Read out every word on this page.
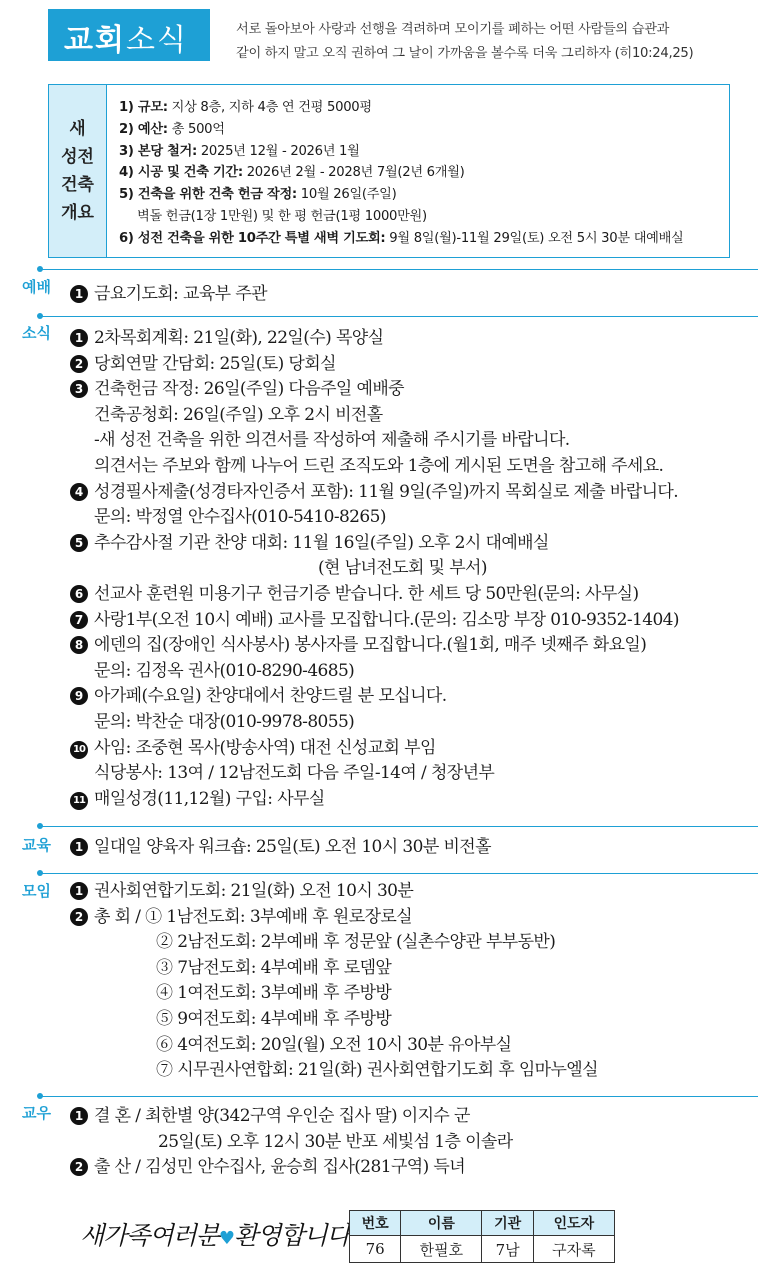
교회소식	서로 돌아보아 사랑과 선행을 격려하며 모이기를 폐하는 어떤 사람들의 습관과
같이 하지 말고 오직 권하여 그 날이 가까움을 볼수록 더욱 그리하자 (히10:24,25)
새
성전
건축
개요
1) 규모: 지상 8층, 지하 4층 연 건평 5000평
2) 예산: 총 500억
3) 본당 철거: 2025년 12월 - 2026년 1월
4) 시공 및 건축 기간: 2026년 2월 - 2028년 7월(2년 6개월)
5) 건축을 위한 건축 헌금 작정: 10월 26일(주일)
벽돌 헌금(1장 1만원) 및 한 평 헌금(1평 1000만원)
6) 성전 건축을 위한 10주간 특별 새벽 기도회: 9월 8일(월)-11월 29일(토) 오전 5시 30분 대예배실
예배	1 금요기도회: 교육부 주관
소식	1 2차목회계획: 21일(화), 22일(수) 목양실
2 당회연말 간담회: 25일(토) 당회실
3 건축헌금 작정: 26일(주일) 다음주일 예배중
건축공청회: 26일(주일) 오후 2시 비전홀
-새 성전 건축을 위한 의견서를 작성하여 제출해 주시기를 바랍니다.
의견서는 주보와 함께 나누어 드린 조직도와 1층에 게시된 도면을 참고해 주세요.
4 성경필사제출(성경타자인증서 포함): 11월 9일(주일)까지 목회실로 제출 바랍니다.
문의: 박정열 안수집사(010-5410-8265)
5 추수감사절 기관 찬양 대회: 11월 16일(주일) 오후 2시 대예배실
(현 남녀전도회 및 부서)
6 선교사 훈련원 미용기구 헌금기증 받습니다. 한 세트 당 50만원(문의: 사무실)
7 사랑1부(오전 10시 예배) 교사를 모집합니다.(문의: 김소망 부장 010-9352-1404)
8 에덴의 집(장애인 식사봉사) 봉사자를 모집합니다.(월1회, 매주 넷째주 화요일)
문의: 김정옥 권사(010-8290-4685)
9 아가페(수요일) 찬양대에서 찬양드릴 분 모십니다.
문의: 박찬순 대장(010-9978-8055)
10 사임: 조중현 목사(방송사역) 대전 신성교회 부임
식당봉사: 13여 / 12남전도회 다음 주일-14여 / 청장년부
11 매일성경(11,12월) 구입: 사무실
교육	1 일대일 양육자 워크숍: 25일(토) 오전 10시 30분 비전홀
모임	1 권사회연합기도회: 21일(화) 오전 10시 30분
2 총 회 / ① 1남전도회: 3부예배 후 원로장로실
② 2남전도회: 2부예배 후 정문앞 (실촌수양관 부부동반)
③ 7남전도회: 4부예배 후 로뎀앞
④ 1여전도회: 3부예배 후 주방방
⑤ 9여전도회: 4부예배 후 주방방
⑥ 4여전도회: 20일(월) 오전 10시 30분 유아부실
⑦ 시무권사연합회: 21일(화) 권사회연합기도회 후 임마누엘실
교우	1 결 혼 / 최한별 양(342구역 우인순 집사 딸) 이지수 군
25일(토) 오후 12시 30분 반포 세빛섬 1층 이솔라
2 출 산 / 김성민 안수집사, 윤승희 집사(281구역) 득녀
새가족여러분♥환영합니다 번호	이름	기관	인도자
76	한필호	7남	구자록
